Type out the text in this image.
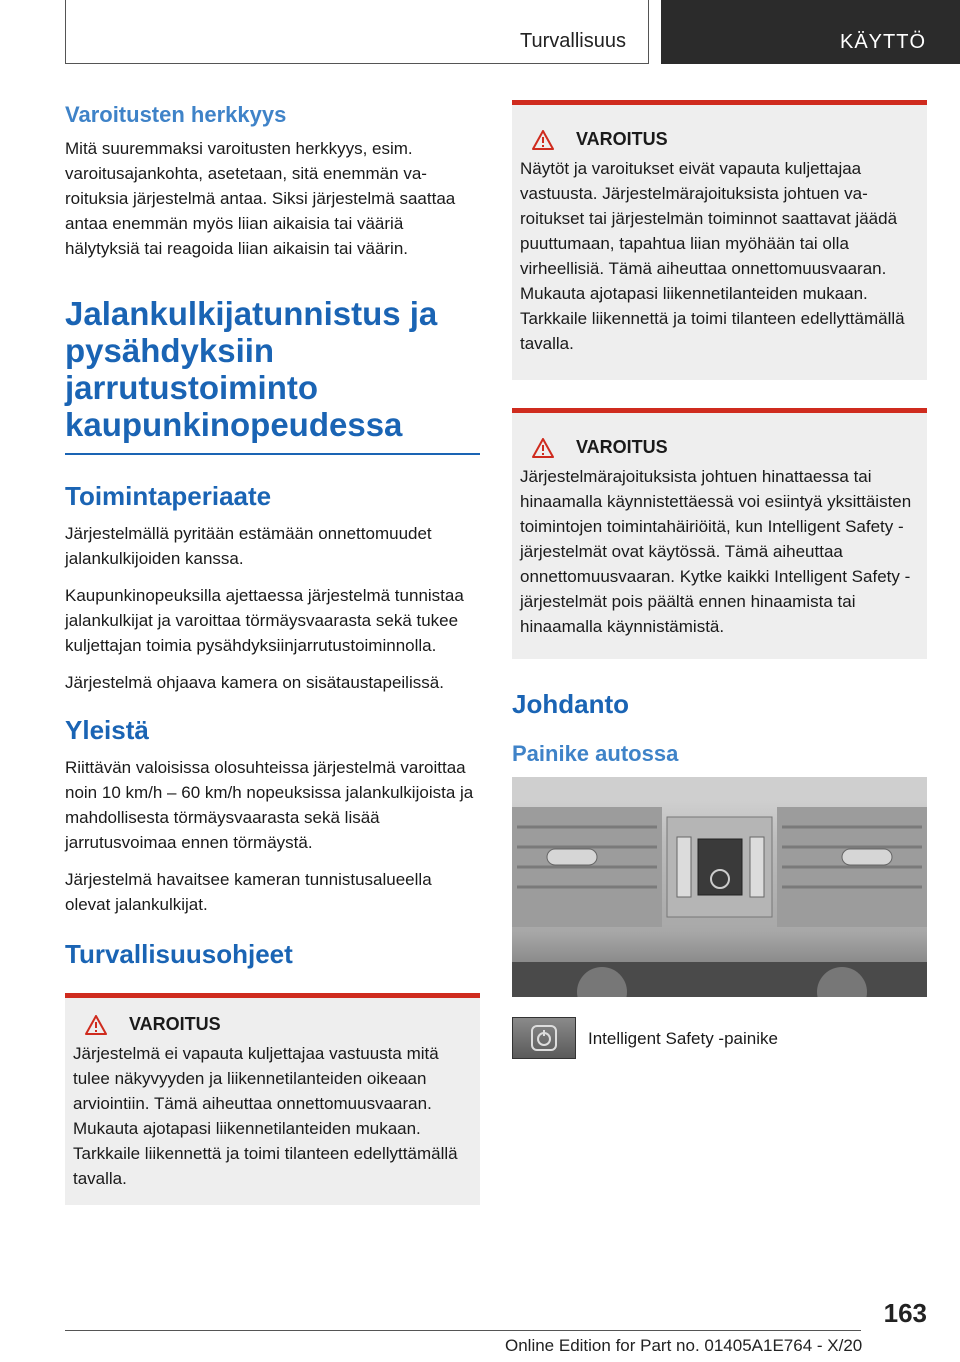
Turvallisuus	KÄYTTÖ
Varoitusten herkkyys

Mitä suuremmaksi varoitusten herkkyys, esim. varoitusajankohta, asetetaan, sitä enemmän varoituksia järjestelmä antaa. Siksi järjestelmä saattaa antaa enemmän myös liian aikaisia tai vääriä hälytyksiä tai reagoida liian aikaisin tai väärin.

Jalankulkijatunnistus ja pysähdyksiin jarrutustoiminto kaupunkinopeudessa
Toimintaperiaate

Järjestelmällä pyritään estämään onnettomuudet jalankulkijoiden kanssa.

Kaupunkinopeuksilla ajettaessa järjestelmä tunnistaa jalankulkijat ja varoittaa törmäysvaarasta sekä tukee kuljettajan toimia pysähdyksiinjarrutustoiminnolla.

Järjestelmä ohjaava kamera on sisätaustapeilissä.

Yleistä

Riittävän valoisissa olosuhteissa järjestelmä varoittaa noin 10 km/h – 60 km/h nopeuksissa jalankulkijoista ja mahdollisesta törmäysvaarasta sekä lisää jarrutusvoimaa ennen törmäystä.

Järjestelmä havaitsee kameran tunnistusalueella olevat jalankulkijat.

Turvallisuusohjeet
VAROITUS

Järjestelmä ei vapauta kuljettajaa vastuusta mitä tulee näkyvyyden ja liikennetilanteiden oikeaan arviointiin. Tämä aiheuttaa onnettomuusvaaran. Mukauta ajotapasi liikennetilanteiden mukaan. Tarkkaile liikennettä ja toimi tilanteen edellyttämällä tavalla.

VAROITUS

Näytöt ja varoitukset eivät vapauta kuljettajaa vastuusta. Järjestelmärajoituksista johtuen varoitukset tai järjestelmän toiminnot saattavat jäädä puuttumaan, tapahtua liian myöhään tai olla virheellisiä. Tämä aiheuttaa onnettomuusvaaran. Mukauta ajotapasi liikennetilanteiden mukaan. Tarkkaile liikennettä ja toimi tilanteen edellyttämällä tavalla.

VAROITUS

Järjestelmärajoituksista johtuen hinattaessa tai hinaamalla käynnistettäessä voi esiintyä yksittäisten toimintojen toimintahäiriöitä, kun Intelligent Safety -järjestelmät ovat käytössä. Tämä aiheuttaa onnettomuusvaaran. Kytke kaikki Intelligent Safety -järjestelmät pois päältä ennen hinaamista tai hinaamalla käynnistämistä.

Johdanto
Painike autossa

Intelligent Safety -painike

163
Online Edition for Part no. 01405A1E764 - X/20
